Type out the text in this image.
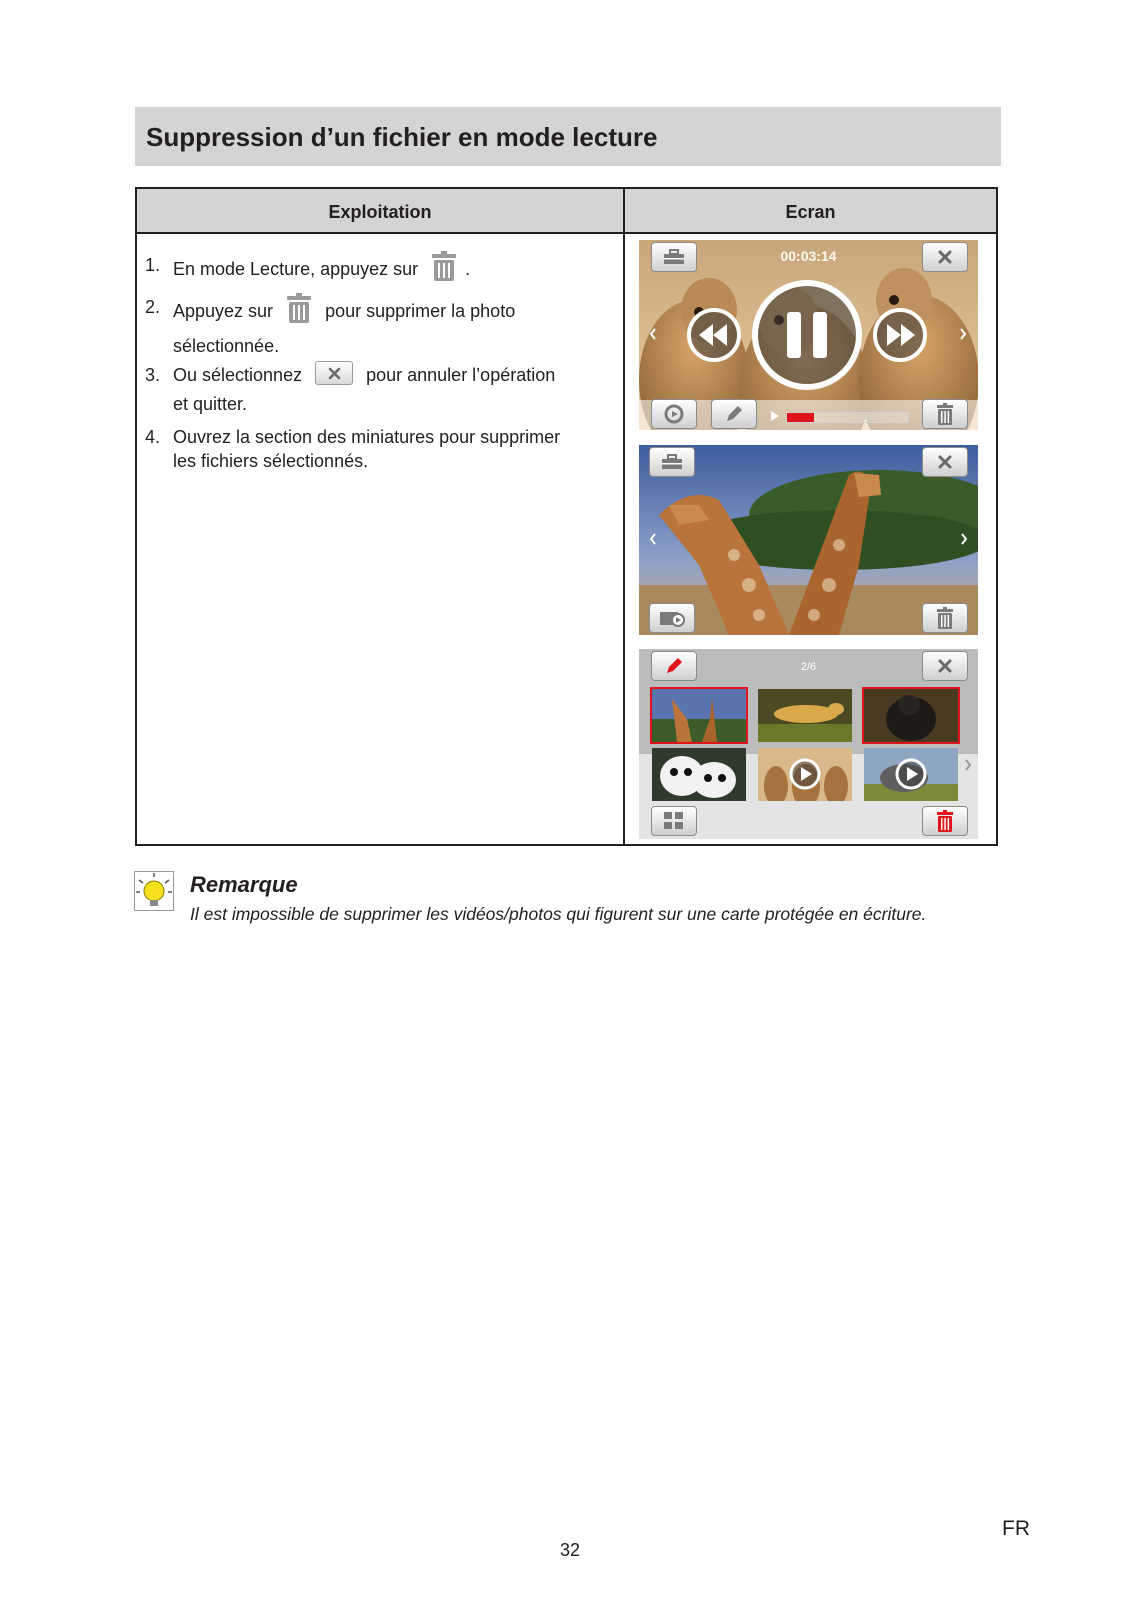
Suppression d’un fichier en mode lecture
Exploitation	Ecran
1. En mode Lecture, appuyez sur	.
2. Appuyez sur	pour supprimer la photo
sélectionnée.
3. Ou sélectionnez	pour annuler l’opération
et quitter.
4. Ouvrez la section des miniatures pour supprimer
les fichiers sélectionnés.
00:03:14
2/6
Remarque
Il est impossible de supprimer les vidéos/photos qui figurent sur une carte protégée en écriture.
FR
32
